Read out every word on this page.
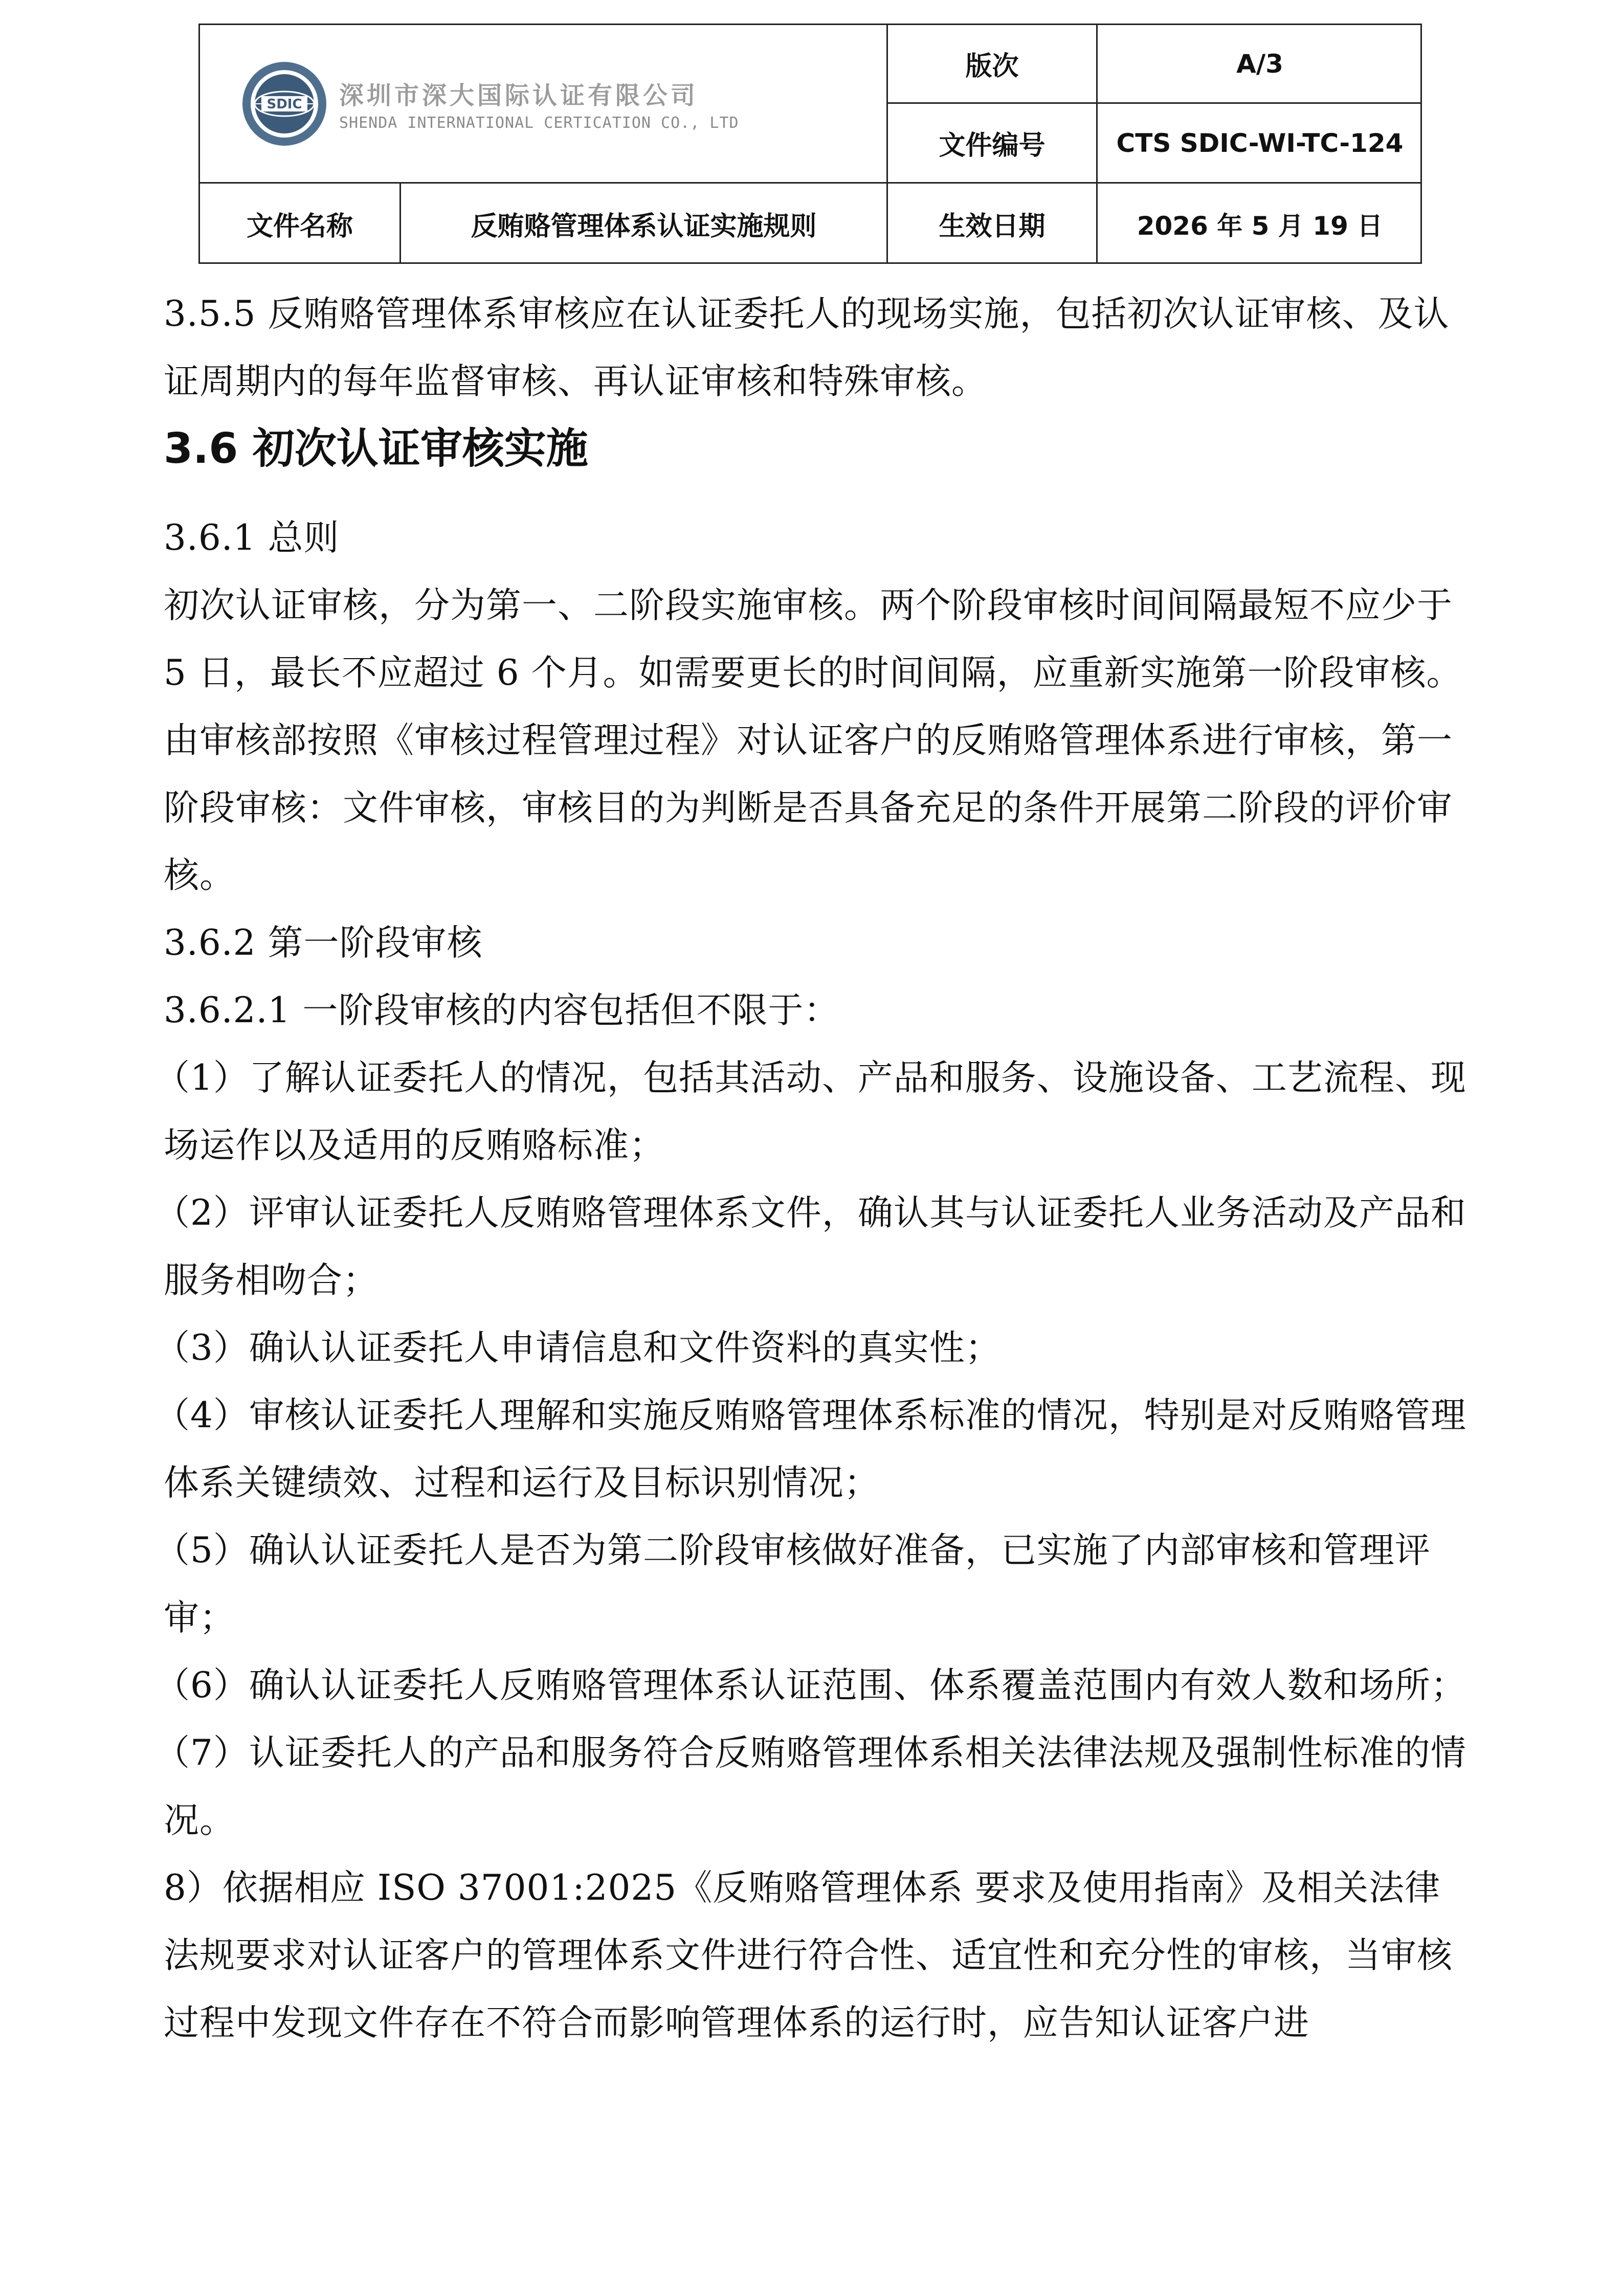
SDIC 深圳市深大国际认证有限公司
SHENDA INTERNATIONAL CERTICATION CO., LTD
版次	A/3
文件编号	CTS SDIC-WI-TC-124
文件名称	反贿赂管理体系认证实施规则	生效日期	2026 年 5 月 19 日

3.5.5 反贿赂管理体系审核应在认证委托人的现场实施，包括初次认证审核、及认证周期内的每年监督审核、再认证审核和特殊审核。

3.6 初次认证审核实施

3.6.1 总则

初次认证审核，分为第一、二阶段实施审核。两个阶段审核时间间隔最短不应少于 5 日，最长不应超过 6 个月。如需要更长的时间间隔，应重新实施第一阶段审核。由审核部按照《审核过程管理过程》对认证客户的反贿赂管理体系进行审核，第一阶段审核：文件审核，审核目的为判断是否具备充足的条件开展第二阶段的评价审核。

3.6.2 第一阶段审核

3.6.2.1 一阶段审核的内容包括但不限于：

（1）了解认证委托人的情况，包括其活动、产品和服务、设施设备、工艺流程、现场运作以及适用的反贿赂标准；

（2）评审认证委托人反贿赂管理体系文件，确认其与认证委托人业务活动及产品和服务相吻合；

（3）确认认证委托人申请信息和文件资料的真实性；

（4）审核认证委托人理解和实施反贿赂管理体系标准的情况，特别是对反贿赂管理体系关键绩效、过程和运行及目标识别情况；

（5）确认认证委托人是否为第二阶段审核做好准备，已实施了内部审核和管理评审；

（6）确认认证委托人反贿赂管理体系认证范围、体系覆盖范围内有效人数和场所；

（7）认证委托人的产品和服务符合反贿赂管理体系相关法律法规及强制性标准的情况。

8）依据相应 ISO 37001:2025《反贿赂管理体系 要求及使用指南》及相关法律法规要求对认证客户的管理体系文件进行符合性、适宜性和充分性的审核，当审核过程中发现文件存在不符合而影响管理体系的运行时，应告知认证客户进
